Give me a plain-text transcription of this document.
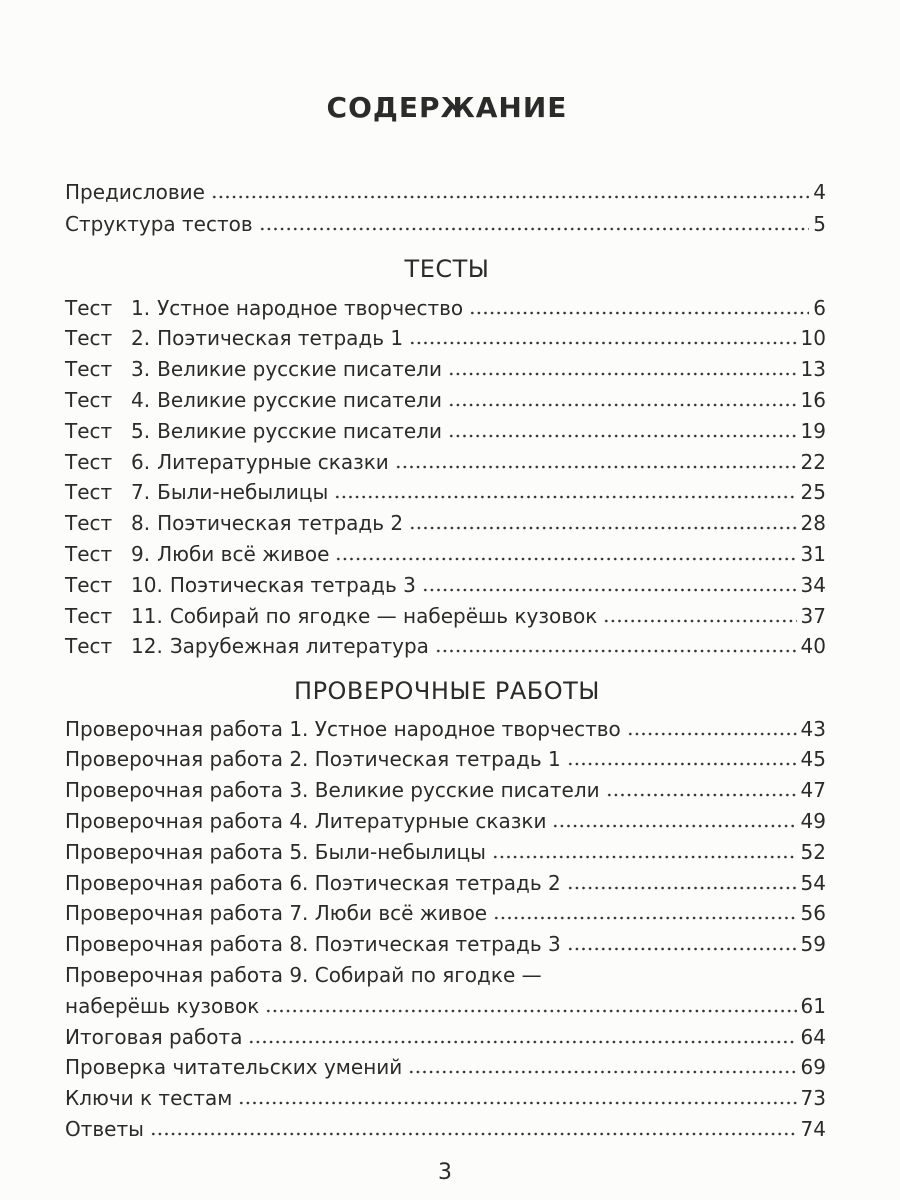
СОДЕРЖАНИЕ
Предисловие	4
Структура тестов	5
ТЕСТЫ
Тест 1. Устное народное творчество	6
Тест 2. Поэтическая тетрадь 1	10
Тест 3. Великие русские писатели	13
Тест 4. Великие русские писатели	16
Тест 5. Великие русские писатели	19
Тест 6. Литературные сказки	22
Тест 7. Были-небылицы	25
Тест 8. Поэтическая тетрадь 2	28
Тест 9. Люби всё живое	31
Тест 10. Поэтическая тетрадь 3	34
Тест 11. Собирай по ягодке — наберёшь кузовок	37
Тест 12. Зарубежная литература	40
ПРОВЕРОЧНЫЕ РАБОТЫ
Проверочная работа 1. Устное народное творчество	43
Проверочная работа 2. Поэтическая тетрадь 1	45
Проверочная работа 3. Великие русские писатели	47
Проверочная работа 4. Литературные сказки	49
Проверочная работа 5. Были-небылицы	52
Проверочная работа 6. Поэтическая тетрадь 2	54
Проверочная работа 7. Люби всё живое	56
Проверочная работа 8. Поэтическая тетрадь 3	59
Проверочная работа 9. Собирай по ягодке —
наберёшь кузовок	61
Итоговая работа	64
Проверка читательских умений	69
Ключи к тестам	73
Ответы	74
3
